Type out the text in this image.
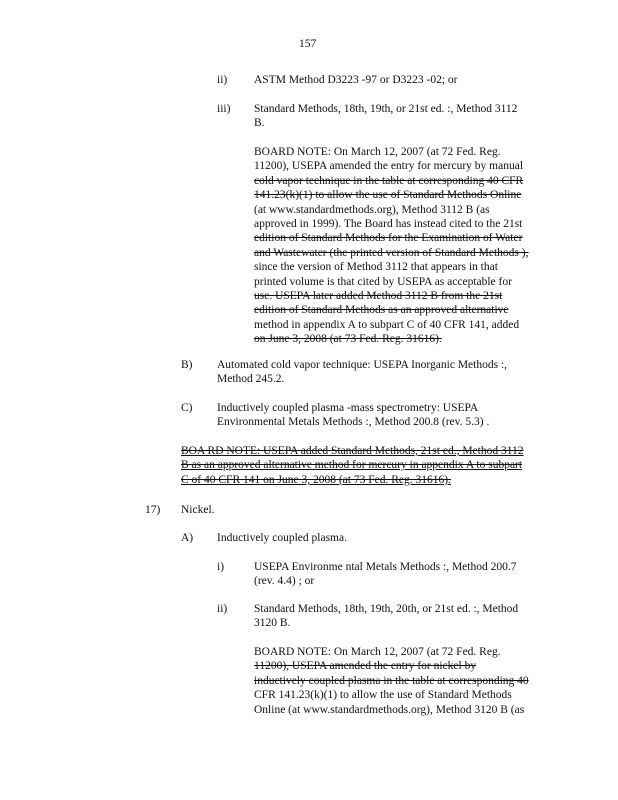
157
ii) ASTM Method D3223 -97 or D3223 -02; or
iii) Standard Methods, 18th, 19th, or 21st ed. :, Method 3112
B.
BOARD NOTE: On March 12, 2007 (at 72 Fed. Reg.
11200), USEPA amended the entry for mercury by manual
cold vapor technique in the table at corresponding 40 CFR
141.23(k)(1) to allow the use of Standard Methods Online
(at www.standardmethods.org), Method 3112 B (as
approved in 1999). The Board has instead cited to the 21st
edition of Standard Methods for the Examination of Water
and Wastewater (the printed version of Standard Methods ),
since the version of Method 3112 that appears in that
printed volume is that cited by USEPA as acceptable for
use. USEPA later added Method 3112 B from the 21st
edition of Standard Methods as an approved alternative
method in appendix A to subpart C of 40 CFR 141, added
on June 3, 2008 (at 73 Fed. Reg. 31616).
B) Automated cold vapor technique: USEPA Inorganic Methods :,
Method 245.2.
C) Inductively coupled plasma -mass spectrometry: USEPA
Environmental Metals Methods :, Method 200.8 (rev. 5.3) .
BOA RD NOTE: USEPA added Standard Methods, 21st ed., Method 3112
B as an approved alternative method for mercury in appendix A to subpart
C of 40 CFR 141 on June 3, 2008 (at 73 Fed. Reg. 31616).
17) Nickel.
A) Inductively coupled plasma.
i)	USEPA Environme ntal Metals Methods :, Method 200.7
(rev. 4.4) ; or
ii) Standard Methods, 18th, 19th, 20th, or 21st ed. :, Method
3120 B.
BOARD NOTE: On March 12, 2007 (at 72 Fed. Reg.
11200), USEPA amended the entry for nickel by
inductively coupled plasma in the table at corresponding 40
CFR 141.23(k)(1) to allow the use of Standard Methods
Online (at www.standardmethods.org), Method 3120 B (as
